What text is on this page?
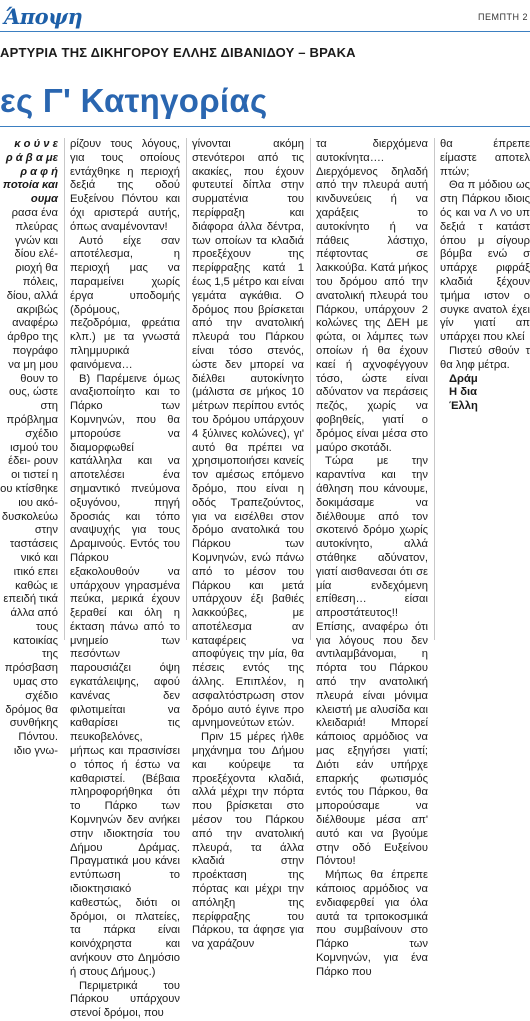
Άποψη	ΠΕΜΠΤΗ 2
ΑΡΤΥΡΙΑ ΤΗΣ ΔΙΚΗΓΟΡΟΥ ΕΛΛΗΣ ΔΙΒΑΝΙΔΟΥ – ΒΡΑΚΑ
ες Γ' Κατηγορίας

κ ο ύ ν ε ρ ά β α με ρ α φ ή ποτοία και ουμα

ρασα ένα πλεύρας γνών και δίου ελέ- ριοχή θα πόλεις, δίου, αλλά ακριβώς αναφέρω άρθρο της πογράφο να μη μου θουν το ους, ώστε στη πρόβλημα σχέδιο ισμού του έδει- ρουν οι τιστεί η ου κτίσθηκε ιου ακό- δυσκολεύω στην ταστάσεις νικό και ιτικό επει καθώς ιε επειδή τικά άλλα από τους κατοικίας της πρόσβαση υμας στο σχέδιο δρόμος θα συνθήκης Πόντου. ιδιο γνω-

ρίζουν τους λόγους, για τους οποίους εντάχθηκε η περιοχή δεξιά της οδού Ευξείνου Πόντου και όχι αριστερά αυτής, όπως αναμένονταν!

Αυτό είχε σαν αποτέλεσμα, η περιοχή μας να παραμείνει χωρίς έργα υποδομής (δρόμους, πεζοδρόμια, φρεάτια κλπ.) με τα γνωστά πλημμυρικά φαινόμενα…

Β) Παρέμεινε όμως αναξιοποίητο και το Πάρκο των Κομνηνών, που θα μπορούσε να διαμορφωθεί κατάλληλα και να αποτελέσει ένα σημαντικό πνεύμονα οξυγόνου, πηγή δροσιάς και τόπο αναψυχής για τους Δραμινούς. Εντός του Πάρκου εξακολουθούν να υπάρχουν γηρασμένα πεύκα, μερικά έχουν ξεραθεί και όλη η έκταση πάνω από το μνημείο των πεσόντων παρουσιάζει όψη εγκατάλειψης, αφού κανένας δεν φιλοτιμείται να καθαρίσει τις πευκοβελόνες, μήπως και πρασινίσει ο τόπος ή έστω να καθαριστεί. (Βέβαια πληροφορήθηκα ότι το Πάρκο των Κομνηνών δεν ανήκει στην ιδιοκτησία του Δήμου Δράμας. Πραγματικά μου κάνει εντύπωση το ιδιοκτησιακό καθεστώς, διότι οι δρόμοι, οι πλατείες, τα πάρκα είναι κοινόχρηστα και ανήκουν στο Δημόσιο ή στους Δήμους.)

Περιμετρικά του Πάρκου υπάρχουν στενοί δρόμοι, που

γίνονται ακόμη στενότεροι από τις ακακίες, που έχουν φυτευτεί δίπλα στην συρματένια του περίφραξη και διάφορα άλλα δέντρα, των οποίων τα κλαδιά προεξέχουν της περίφραξης κατά 1 έως 1,5 μέτρο και είναι γεμάτα αγκάθια. Ο δρόμος που βρίσκεται από την ανατολική πλευρά του Πάρκου είναι τόσο στενός, ώστε δεν μπορεί να διέλθει αυτοκίνητο (μάλιστα σε μήκος 10 μέτρων περίπου εντός του δρόμου υπάρχουν 4 ξύλινες κολώνες), γι' αυτό θα πρέπει να χρησιμοποιήσει κανείς τον αμέσως επόμενο δρόμο, που είναι η οδός Τραπεζούντος, για να εισέλθει στον δρόμο ανατολικά του Πάρκου των Κομνηνών, ενώ πάνω από το μέσον του Πάρκου και μετά υπάρχουν έξι βαθιές λακκούβες, με αποτέλεσμα αν καταφέρεις να αποφύγεις την μία, θα πέσεις εντός της άλλης. Επιπλέον, η ασφαλτόστρωση στον δρόμο αυτό έγινε προ αμνημονεύτων ετών.

Πριν 15 μέρες ήλθε μηχάνημα του Δήμου και κούρεψε τα προεξέχοντα κλαδιά, αλλά μέχρι την πόρτα που βρίσκεται στο μέσον του Πάρκου από την ανατολική πλευρά, τα άλλα κλαδιά στην προέκταση της πόρτας και μέχρι την απόληξη της περίφραξης του Πάρκου, τα άφησε για να χαράζουν

τα διερχόμενα αυτοκίνητα…. Διερχόμενος δηλαδή από την πλευρά αυτή κινδυνεύεις ή να χαράξεις το αυτοκίνητο ή να πάθεις λάστιχο, πέφτοντας σε λακκούβα. Κατά μήκος του δρόμου από την ανατολική πλευρά του Πάρκου, υπάρχουν 2 κολώνες της ΔΕΗ με φώτα, οι λάμπες των οποίων ή θα έχουν καεί ή αχνοφέγγουν τόσο, ώστε είναι αδύνατον να περάσεις πεζός, χωρίς να φοβηθείς, γιατί ο δρόμος είναι μέσα στο μαύρο σκοτάδι.

Τώρα με την καραντίνα και την άθληση που κάνουμε, δοκιμάσαμε να διέλθουμε από τον σκοτεινό δρόμο χωρίς αυτοκίνητο, αλλά στάθηκε αδύνατον, γιατί αισθανεσαι ότι σε μία ενδεχόμενη επίθεση… είσαι απροστάτευτος!! Επίσης, αναφέρω ότι για λόγους που δεν αντιλαμβάνομαι, η πόρτα του Πάρκου από την ανατολική πλευρά είναι μόνιμα κλειστή με αλυσίδα και κλειδαριά! Μπορεί κάποιος αρμόδιος να μας εξηγήσει γιατί; Διότι εάν υπήρχε επαρκής φωτισμός εντός του Πάρκου, θα μπορούσαμε να διέλθουμε μέσα απ' αυτό και να βγούμε στην οδό Ευξείνου Πόντου!

Μήπως θα έπρεπε κάποιος αρμόδιος να ενδιαφερθεί για όλα αυτά τα τριτοκοσμικά που συμβαίνουν στο Πάρκο των Κομνηνών, για ένα Πάρκο που

θα έπρεπε είμαστε αποτελ πτών;

Θα π μόδιου ως στη Πάρκου ιδιοις ός και να Λ νο υπ δεξιά τ κατάστ όπου μ σίγουρ βόμβα ενώ σ υπάρχε ριφράξ κλαδιά ξέχουν τμήμα ιστον ο συγκε ανατολ έχει γίν γιατί απ υπάρχει που κλεί

Πιστεύ σθούν τ θα ληφ μέτρα.

Δράμ

Η δια

Έλλη
